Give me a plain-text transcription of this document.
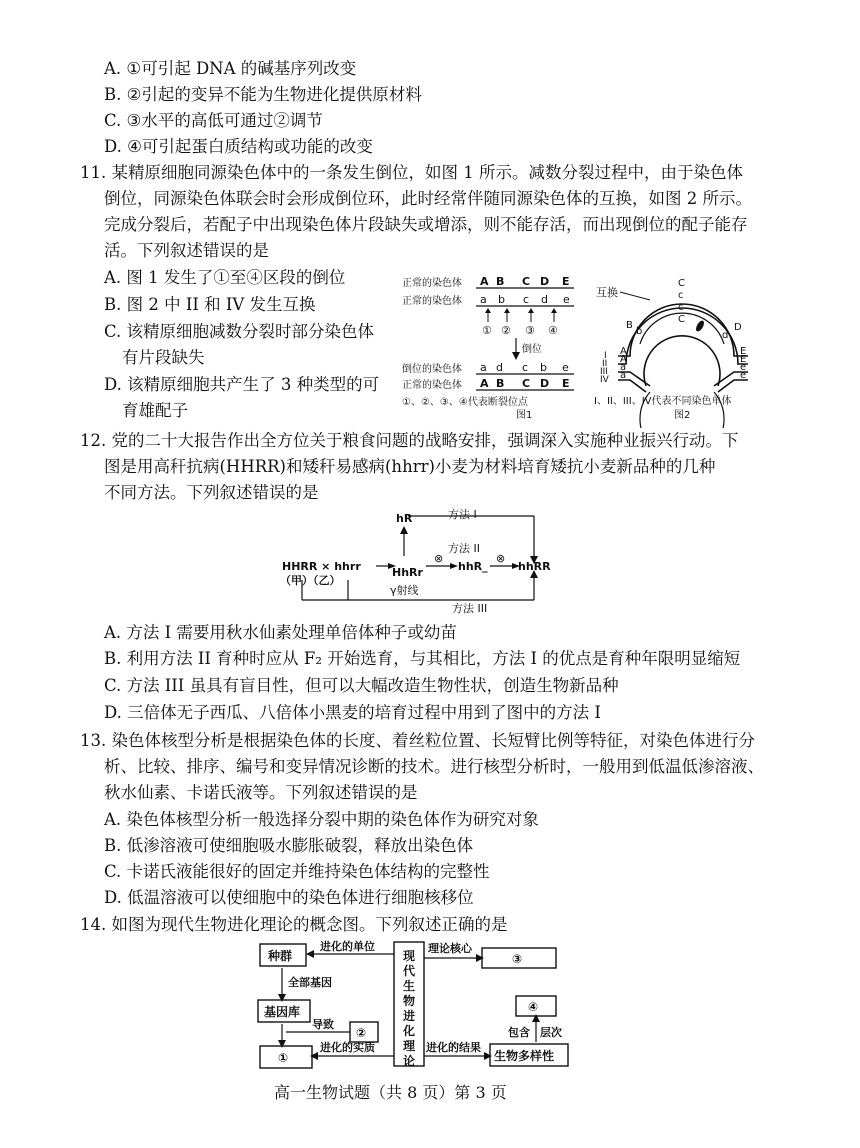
A. ①可引起 DNA 的碱基序列改变
B. ②引起的变异不能为生物进化提供原材料
C. ③水平的高低可通过②调节
D. ④可引起蛋白质结构或功能的改变
11. 某精原细胞同源染色体中的一条发生倒位，如图 1 所示。减数分裂过程中，由于染色体
倒位，同源染色体联会时会形成倒位环，此时经常伴随同源染色体的互换，如图 2 所示。
完成分裂后，若配子中出现染色体片段缺失或增添，则不能存活，而出现倒位的配子能存
活。下列叙述错误的是
A. 图 1 发生了①至④区段的倒位
B. 图 2 中 II 和 IV 发生互换
C. 该精原细胞减数分裂时部分染色体
有片段缺失
D. 该精原细胞共产生了 3 种类型的可
育雄配子
正常的染色体 A B C D E
正常的染色体 a b c d e
① ② ③ ④
倒位
倒位的染色体 a d c b e
正常的染色体 A B C D E
①、②、③、④代表断裂位点
图1
互换
C
c
c
C
B
b
A
A
a
a
D
d
E
E
e
e
I
II
III
IV
I、II、III、IV代表不同染色单体
图2
12. 党的二十大报告作出全方位关于粮食问题的战略安排，强调深入实施种业振兴行动。下
图是用高秆抗病(HHRR)和矮秆易感病(hhrr)小麦为材料培育矮抗小麦新品种的几种
不同方法。下列叙述错误的是
hR
HHRR × hhrr	HhRr	hhR_	hhRR
（甲）（乙）
方法 I
方法 II
方法 III
γ射线
⊗	⊗
A. 方法 I 需要用秋水仙素处理单倍体种子或幼苗
B. 利用方法 II 育种时应从 F₂ 开始选育，与其相比，方法 I 的优点是育种年限明显缩短
C. 方法 III 虽具有盲目性，但可以大幅改造生物性状，创造生物新品种
D. 三倍体无子西瓜、八倍体小黑麦的培育过程中用到了图中的方法 I
13. 染色体核型分析是根据染色体的长度、着丝粒位置、长短臂比例等特征，对染色体进行分
析、比较、排序、编号和变异情况诊断的技术。进行核型分析时，一般用到低温低渗溶液、
秋水仙素、卡诺氏液等。下列叙述错误的是
A. 染色体核型分析一般选择分裂中期的染色体作为研究对象
B. 低渗溶液可使细胞吸水膨胀破裂，释放出染色体
C. 卡诺氏液能很好的固定并维持染色体结构的完整性
D. 低温溶液可以使细胞中的染色体进行细胞核移位
14. 如图为现代生物进化理论的概念图。下列叙述正确的是
种群	③
基因库
②
④
①	生物多样性
进化的单位	理论核心
全部基因
导致
包含 层次
进化的实质	进化的结果
现代生物进化理论
高一生物试题（共 8 页）第 3 页
